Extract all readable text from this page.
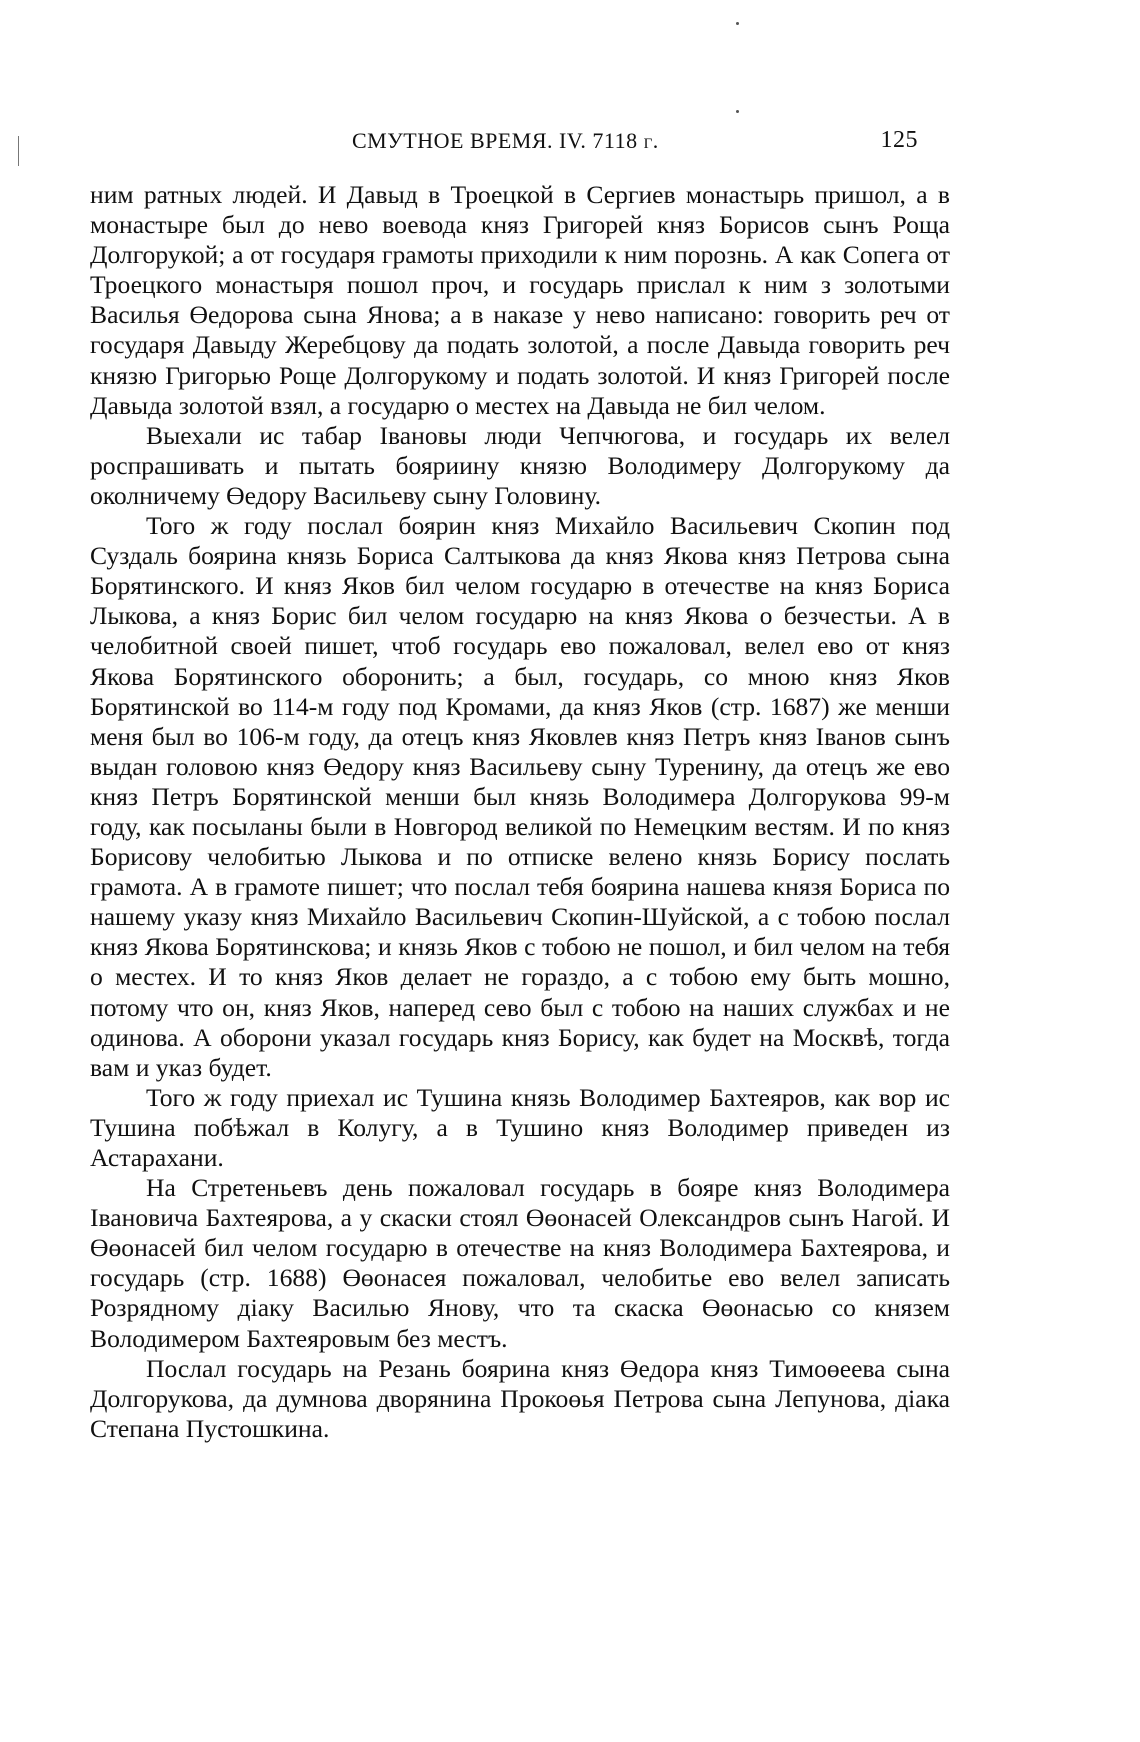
СМУТНОЕ ВРЕМЯ. IV. 7118 г.	125

ним ратных людей. И Давыд в Троецкой в Сергиев монастырь пришол, а в монастыре был до нево воевода княз Григорей княз Борисов сынъ Роща Долгорукой; а от государя грамоты приходили к ним порознь. А как Сопега от Троецкого монастыря пошол проч, и государь прислал к ним з золотыми Василья Өедорова сына Янова; а в наказе у нево написано: говорить реч от государя Давыду Жеребцову да подать золотой, а после Давыда говорить реч князю Григорью Роще Долгорукому и подать золотой. И княз Григорей после Давыда золотой взял, а государю о местех на Давыда не бил челом.

Выехали ис табар Івановы люди Чепчюгова, и государь их велел роспрашивать и пытать бояриину князю Володимеру Долгорукому да околничему Өедору Васильеву сыну Головину.

Того ж году послал боярин княз Михайло Васильевич Скопин под Суздаль боярина князь Бориса Салтыкова да княз Якова княз Петрова сына Борятинского. И княз Яков бил челом государю в отечестве на княз Бориса Лыкова, а княз Борис бил челом государю на княз Якова о безчестьи. А в челобитной своей пишет, чтоб государь ево пожаловал, велел ево от княз Якова Борятинского оборонить; а был, государь, со мною княз Яков Борятинской во 114-м году под Кромами, да княз Яков (стр. 1687) же менши меня был во 106-м году, да отецъ княз Яковлев княз Петръ княз Іванов сынъ выдан головою княз Өедору княз Васильеву сыну Туренину, да отецъ же ево княз Петръ Борятинской менши был князь Володимера Долгорукова 99-м году, как посыланы были в Новгород великой по Немецким вестям. И по княз Борисову челобитью Лыкова и по отписке велено князь Борису послать грамота. А в грамоте пишет; что послал тебя боярина нашева князя Бориса по нашему указу княз Михайло Васильевич Скопин-Шуйской, а с тобою послал княз Якова Борятинскова; и князь Яков с тобою не пошол, и бил челом на тебя о местех. И то княз Яков делает не гораздо, а с тобою ему быть мошно, потому что он, княз Яков, наперед сево был с тобою на наших службах и не одинова. А оборони указал государь княз Борису, как будет на Москвѣ, тогда вам и указ будет.

Того ж году приехал ис Тушина князь Володимер Бахтеяров, как вор ис Тушина побѣжал в Колугу, а в Тушино княз Володимер приведен из Астарахани.

На Стретеньевъ день пожаловал государь в бояре княз Володимера Івановича Бахтеярова, а у скаски стоял Өөонасей Олександров сынъ Нагой. И Өөонасей бил челом государю в отечестве на княз Володимера Бахтеярова, и государь (стр. 1688) Өөонасея пожаловал, челобитье ево велел записать Розрядному діаку Василью Янову, что та скаска Өөонасью со князем Володимером Бахтеяровым без местъ.

Послал государь на Резань боярина княз Өедора княз Тимоөеева сына Долгорукова, да думнова дворянина Прокоөья Петрова сына Лепунова, діака Степана Пустошкина.
